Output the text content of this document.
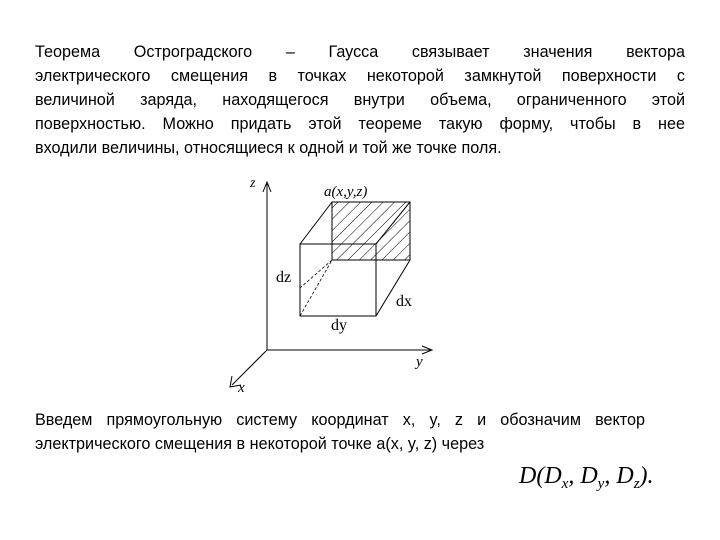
Теорема Остроградского – Гаусса связывает значения вектора
электрического смещения в точках некоторой замкнутой поверхности с
величиной заряда, находящегося внутри объема, ограниченного этой
поверхностью. Можно придать этой теореме такую форму, чтобы в нее
входили величины, относящиеся к одной и той же точке поля.
z
y
x
a(x,y,z)
dz
dx
dy
Введем прямоугольную систему координат x, y, z и обозначим вектор
электрического смещения в некоторой точке a(x, y, z) через
$D(D_x$, $D_y$, $D_z$).
